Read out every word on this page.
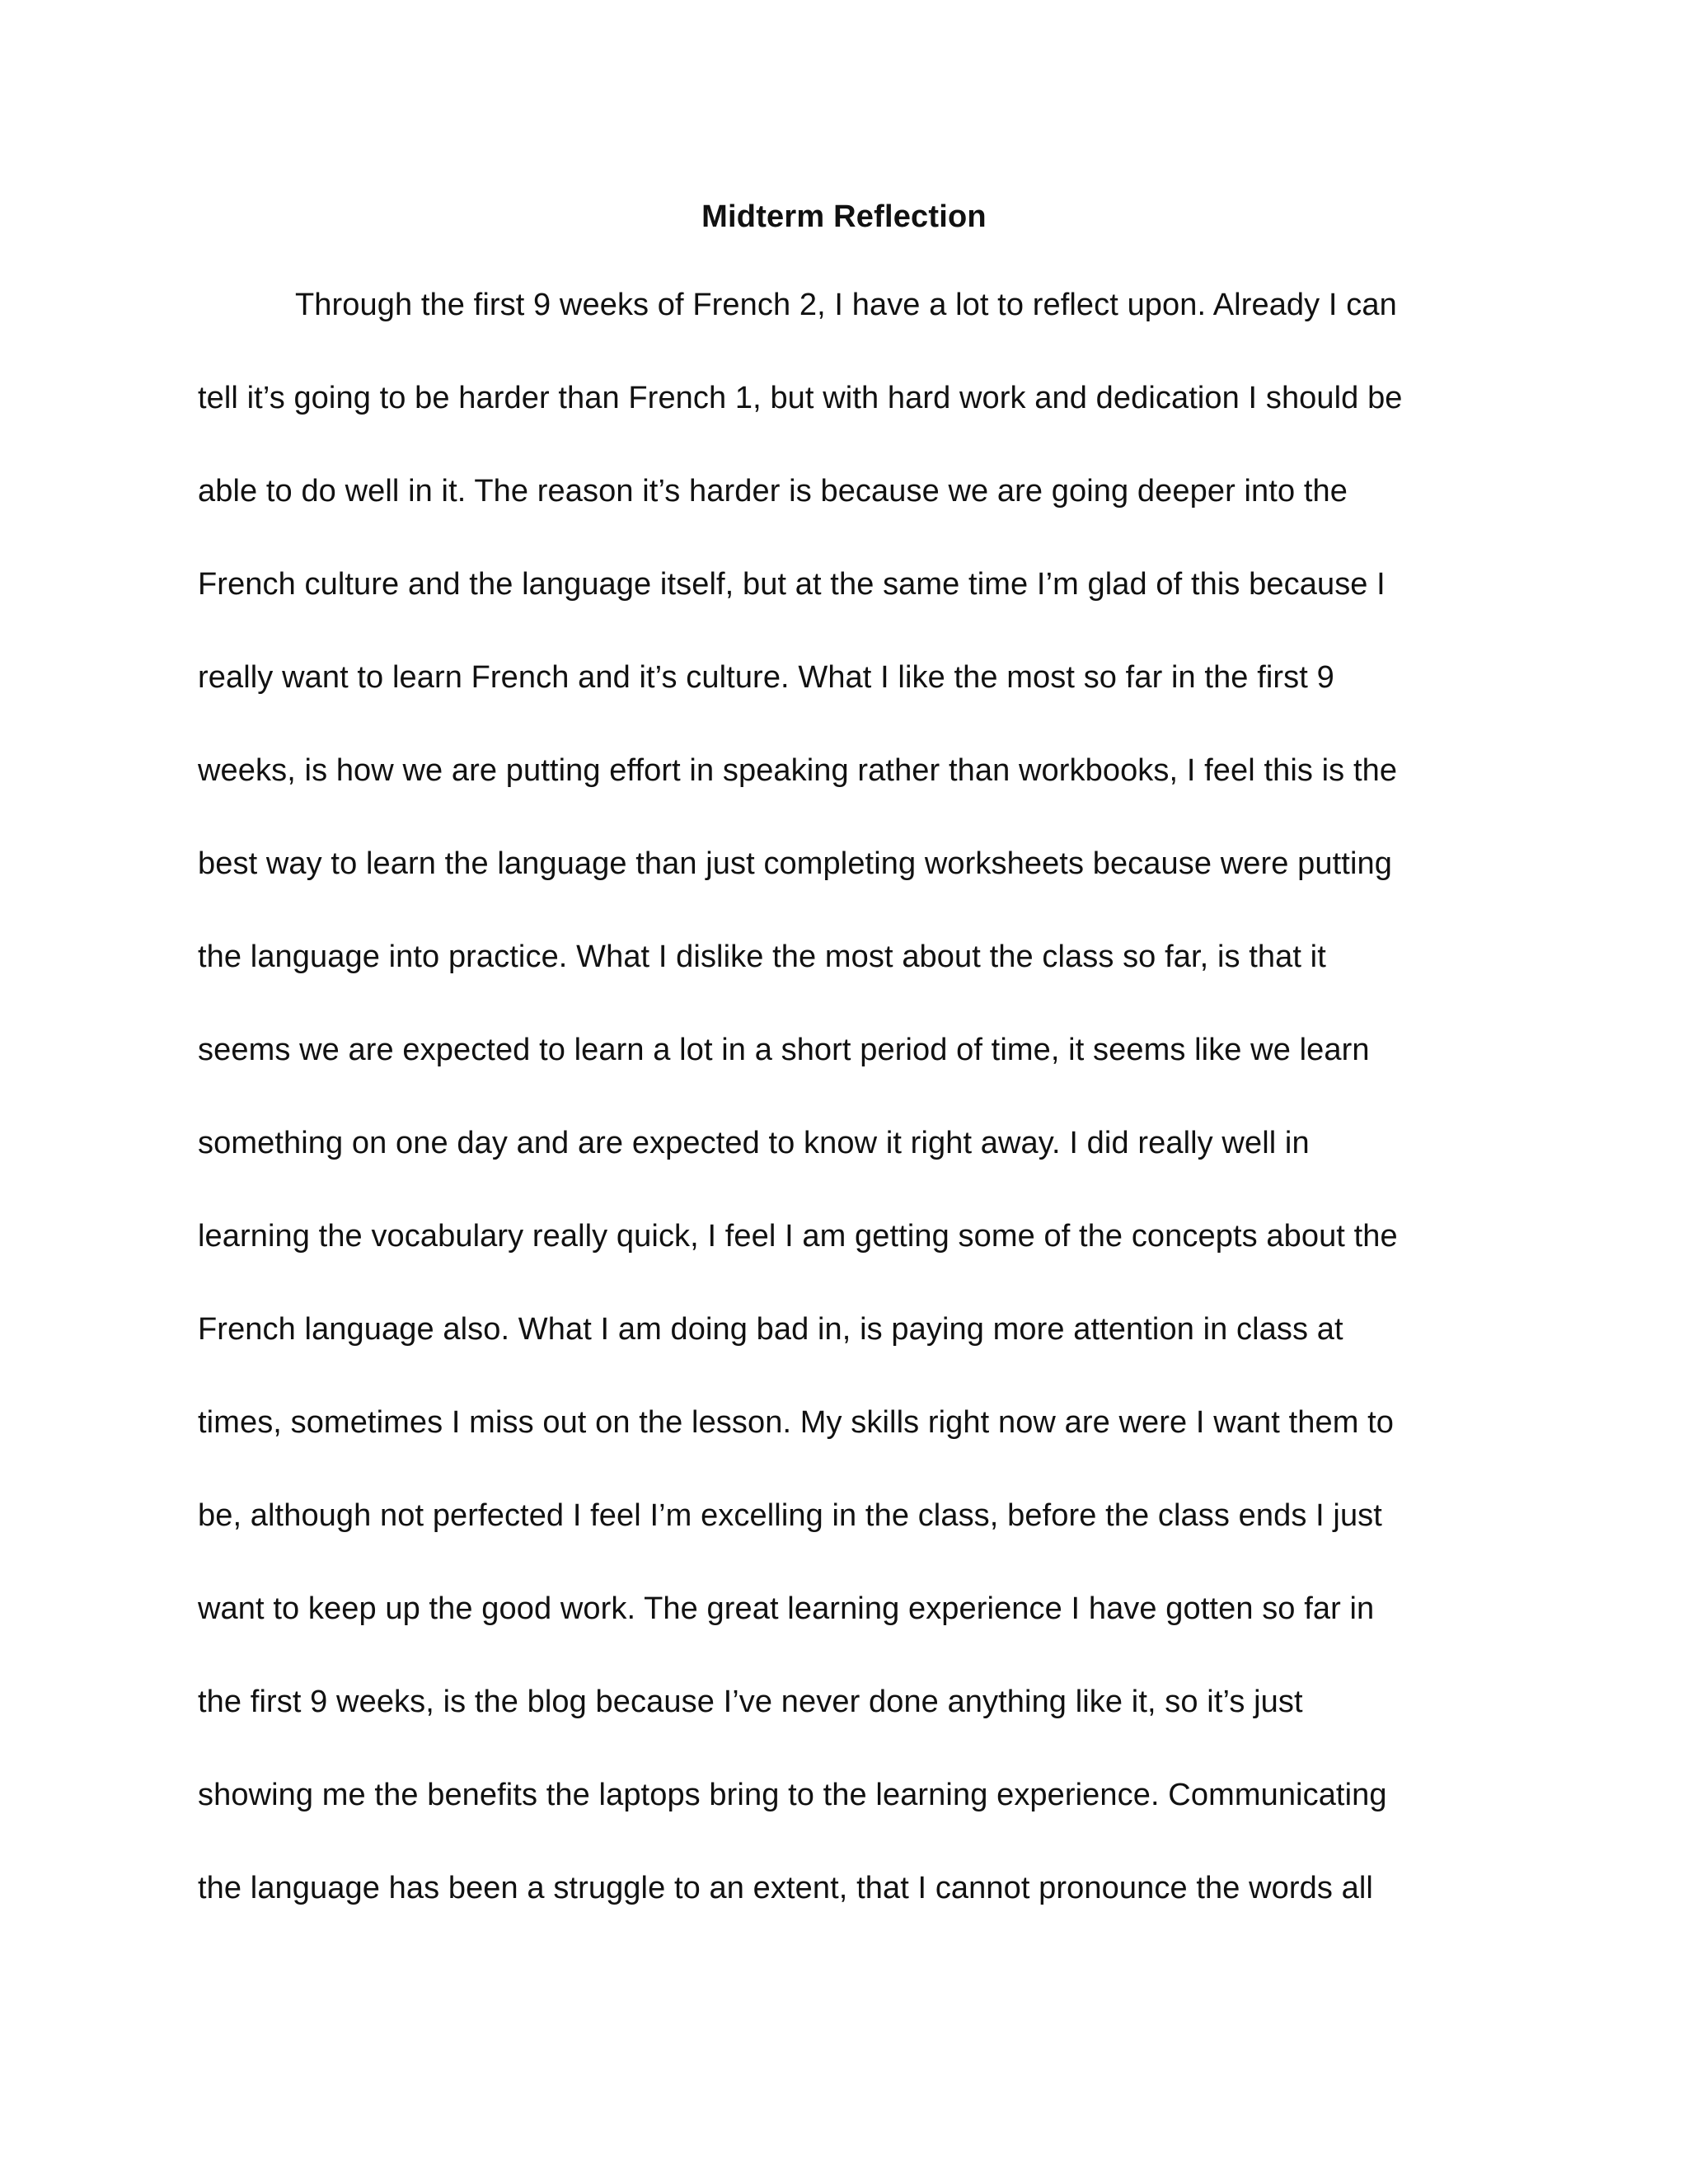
Midterm Reflection
Through the first 9 weeks of French 2, I have a lot to reflect upon. Already I can
tell it’s going to be harder than French 1, but with hard work and dedication I should be
able to do well in it. The reason it’s harder is because we are going deeper into the
French culture and the language itself, but at the same time I’m glad of this because I
really want to learn French and it’s culture. What I like the most so far in the first 9
weeks, is how we are putting effort in speaking rather than workbooks, I feel this is the
best way to learn the language than just completing worksheets because were putting
the language into practice. What I dislike the most about the class so far, is that it
seems we are expected to learn a lot in a short period of time, it seems like we learn
something on one day and are expected to know it right away. I did really well in
learning the vocabulary really quick, I feel I am getting some of the concepts about the
French language also. What I am doing bad in, is paying more attention in class at
times, sometimes I miss out on the lesson. My skills right now are were I want them to
be, although not perfected I feel I’m excelling in the class, before the class ends I just
want to keep up the good work. The great learning experience I have gotten so far in
the first 9 weeks, is the blog because I’ve never done anything like it, so it’s just
showing me the benefits the laptops bring to the learning experience. Communicating
the language has been a struggle to an extent, that I cannot pronounce the words all
